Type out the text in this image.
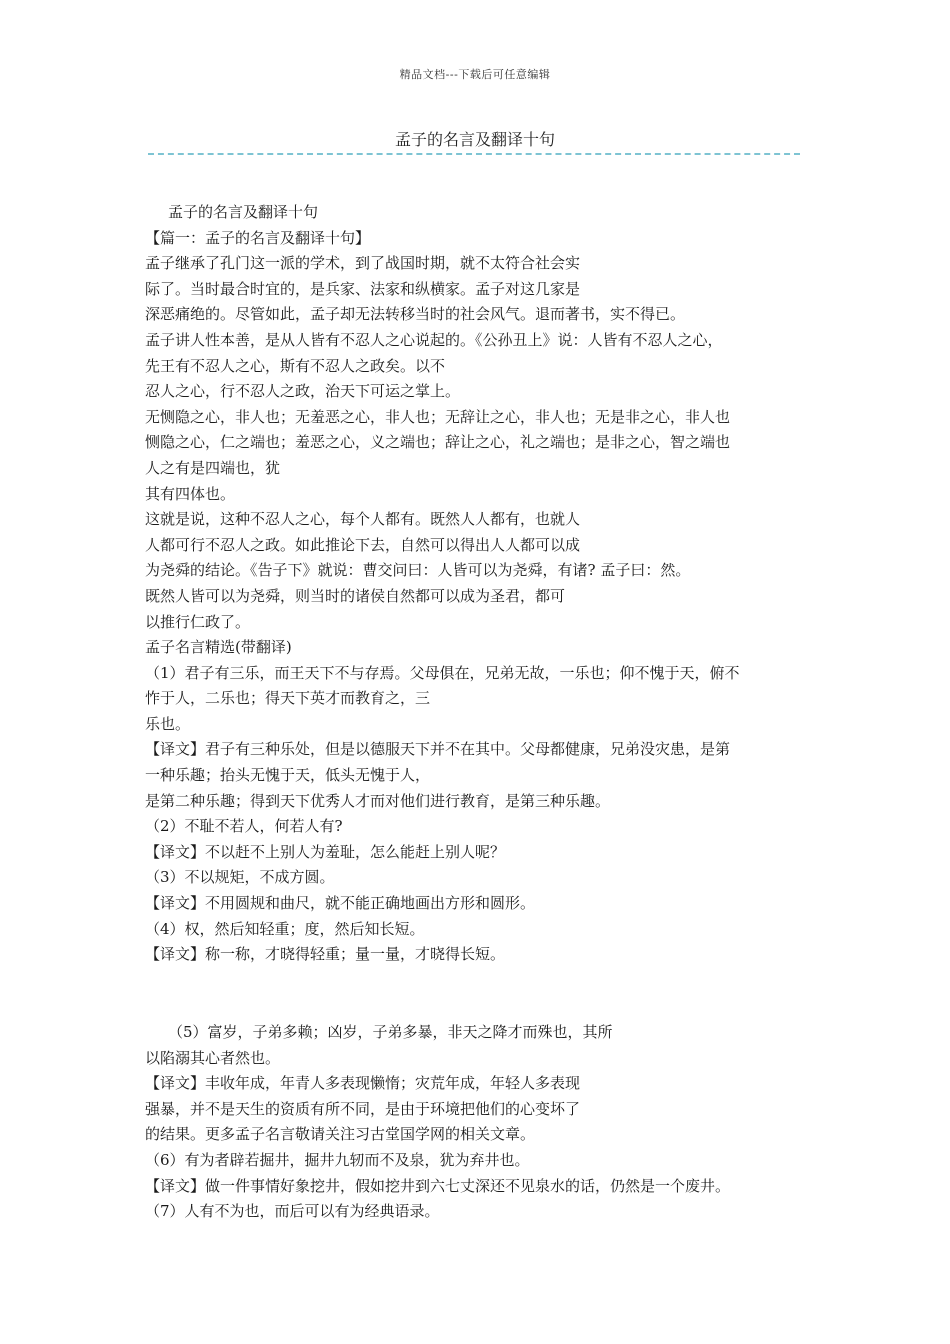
精品文档---下载后可任意编辑
孟子的名言及翻译十句
孟子的名言及翻译十句
【篇一：孟子的名言及翻译十句】
孟子继承了孔门这一派的学术，到了战国时期，就不太符合社会实
际了。当时最合时宜的，是兵家、法家和纵横家。孟子对这几家是
深恶痛绝的。尽管如此，孟子却无法转移当时的社会风气。退而著书，实不得已。
孟子讲人性本善，是从人皆有不忍人之心说起的。《公孙丑上》说：人皆有不忍人之心，
先王有不忍人之心，斯有不忍人之政矣。以不
忍人之心，行不忍人之政，治天下可运之掌上。
无恻隐之心，非人也；无羞恶之心，非人也；无辞让之心，非人也；无是非之心，非人也
恻隐之心，仁之端也；羞恶之心，义之端也；辞让之心，礼之端也；是非之心，智之端也
人之有是四端也，犹
其有四体也。
这就是说，这种不忍人之心，每个人都有。既然人人都有，也就人
人都可行不忍人之政。如此推论下去，自然可以得出人人都可以成
为尧舜的结论。《告子下》就说：曹交问曰：人皆可以为尧舜，有诸? 孟子曰：然。
既然人皆可以为尧舜，则当时的诸侯自然都可以成为圣君，都可
以推行仁政了。
孟子名言精选(带翻译)
（1）君子有三乐，而王天下不与存焉。父母俱在，兄弟无故，一乐也；仰不愧于天，俯不
怍于人，二乐也；得天下英才而教育之，三
乐也。
【译文】君子有三种乐处，但是以德服天下并不在其中。父母都健康，兄弟没灾患，是第
一种乐趣；抬头无愧于天，低头无愧于人，
是第二种乐趣；得到天下优秀人才而对他们进行教育，是第三种乐趣。
（2）不耻不若人，何若人有?
【译文】不以赶不上别人为羞耻，怎么能赶上别人呢？
（3）不以规矩，不成方圆。
【译文】不用圆规和曲尺，就不能正确地画出方形和圆形。
（4）权，然后知轻重；度，然后知长短。
【译文】称一称，才晓得轻重；量一量，才晓得长短。
（5）富岁，子弟多赖；凶岁，子弟多暴，非天之降才而殊也，其所
以陷溺其心者然也。
【译文】丰收年成，年青人多表现懒惰；灾荒年成，年轻人多表现
强暴，并不是天生的资质有所不同，是由于环境把他们的心变坏了
的结果。更多孟子名言敬请关注习古堂国学网的相关文章。
（6）有为者辟若掘井，掘井九轫而不及泉，犹为弃井也。
【译文】做一件事情好象挖井，假如挖井到六七丈深还不见泉水的话，仍然是一个废井。
（7）人有不为也，而后可以有为经典语录。
